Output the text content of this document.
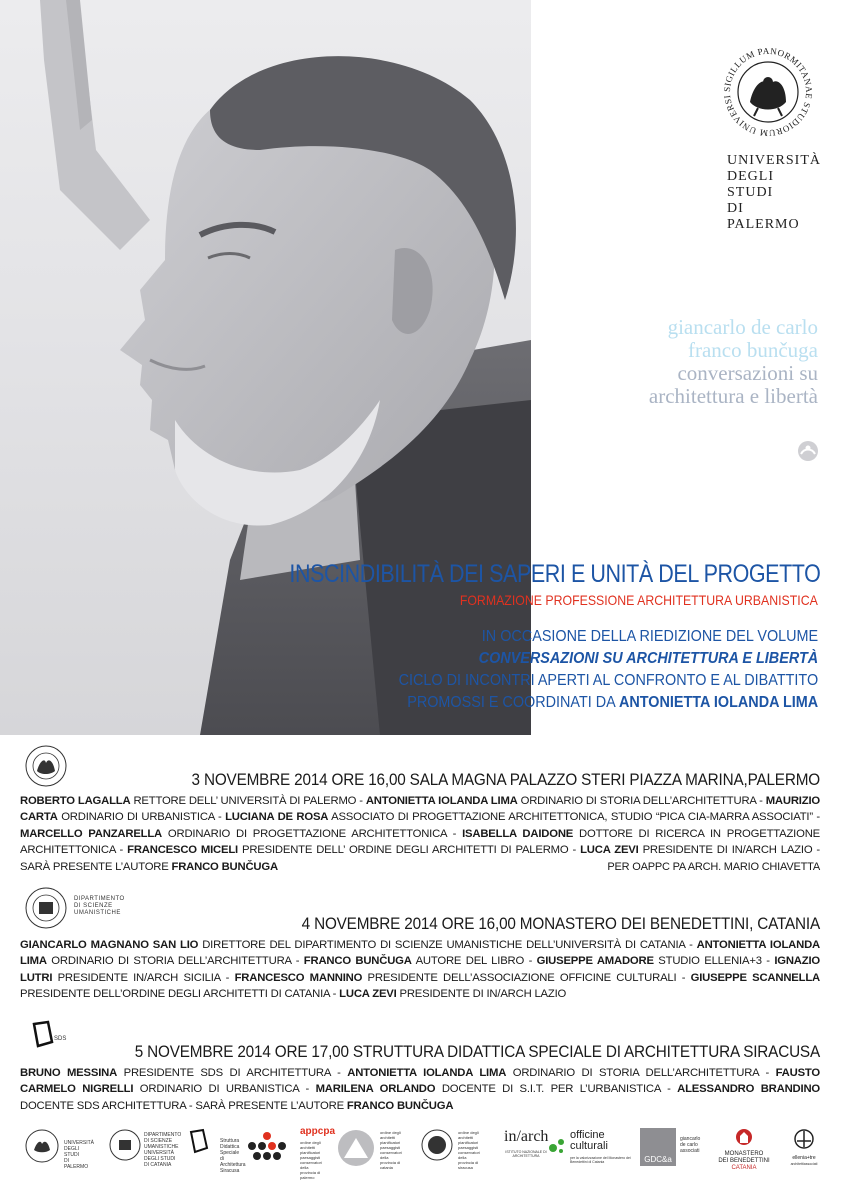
SIGILLUM PANORMITANAE STUDIORUM UNIVERSI
UNIVERSITÀ
DEGLI STUDI
DI PALERMO
giancarlo de carlo
franco bunčuga
conversazioni su
architettura e libertà
INSCINDIBILITÀ DEI SAPERI E UNITÀ DEL PROGETTO
FORMAZIONE PROFESSIONE ARCHITETTURA URBANISTICA
IN OCCASIONE DELLA RIEDIZIONE DEL VOLUME
CONVERSAZIONI SU ARCHITETTURA E LIBERTÀ
CICLO DI INCONTRI APERTI AL CONFRONTO E AL DIBATTITO
PROMOSSI E COORDINATI DA ANTONIETTA IOLANDA LIMA
3 NOVEMBRE 2014 ORE 16,00 SALA MAGNA PALAZZO STERI PIAZZA MARINA,PALERMO
ROBERTO LAGALLA RETTORE DELL’ UNIVERSITÀ DI PALERMO - ANTONIETTA IOLANDA LIMA ORDINARIO DI STORIA DELL’ARCHITETTURA - MAURIZIO CARTA ORDINARIO DI URBANISTICA - LUCIANA DE ROSA ASSOCIATO DI PROGETTAZIONE ARCHITETTONICA, STUDIO “PICA CIA-MARRA ASSOCIATI” - MARCELLO PANZARELLA ORDINARIO DI PROGETTAZIONE ARCHITETTONICA - ISABELLA DAIDONE DOTTORE DI RICERCA IN PROGETTAZIONE ARCHITETTONICA - FRANCESCO MICELI PRESIDENTE DELL’ ORDINE DEGLI ARCHITETTI DI PALERMO - LUCA ZEVI PRESIDENTE DI IN/ARCH LAZIO - SARÀ PRESENTE L’AUTORE FRANCO BUNČUGA	PER OAPPC PA ARCH. MARIO CHIAVETTA
DIPARTIMENTO
DI SCIENZE
UMANISTICHE
4 NOVEMBRE 2014 ORE 16,00 MONASTERO DEI BENEDETTINI, CATANIA
GIANCARLO MAGNANO SAN LIO DIRETTORE DEL DIPARTIMENTO DI SCIENZE UMANISTICHE DELL’UNIVERSITÀ DI CATANIA - ANTONIETTA IOLANDA LIMA ORDINARIO DI STORIA DELL’ARCHITETTURA - FRANCO BUNČUGA AUTORE DEL LIBRO - GIUSEPPE AMADORE STUDIO ELLENIA+3 - IGNAZIO LUTRI PRESIDENTE IN/ARCH SICILIA - FRANCESCO MANNINO PRESIDENTE DELL’ASSOCIAZIONE OFFICINE CULTURALI - GIUSEPPE SCANNELLA PRESIDENTE DELL’ORDINE DEGLI ARCHITETTI DI CATANIA - LUCA ZEVI PRESIDENTE DI IN/ARCH LAZIO
SDS
5 NOVEMBRE 2014 ORE 17,00 STRUTTURA DIDATTICA SPECIALE DI ARCHITETTURA SIRACUSA
BRUNO MESSINA PRESIDENTE SDS DI ARCHITETTURA - ANTONIETTA IOLANDA LIMA ORDINARIO DI STORIA DELL’ARCHITETTURA - FAUSTO CARMELO NIGRELLI ORDINARIO DI URBANISTICA - MARILENA ORLANDO DOCENTE DI S.I.T. PER L’URBANISTICA - ALESSANDRO BRANDINO DOCENTE SDS ARCHITETTURA - SARÀ PRESENTE L’AUTORE FRANCO BUNČUGA
UNIVERSITÀ
DEGLI STUDI
DI PALERMO
DIPARTIMENTO
DI SCIENZE
UMANISTICHE
UNIVERSITÀ
DEGLI STUDI
DI CATANIA
Struttura
Didattica Speciale
di Architettura
Siracusa
appcpa
ordine degli
architetti
pianificatori
paesaggisti
conservatori
della provincia di
palermo
ordine degli
architetti
pianificatori
paesaggisti
conservatori
della provincia di
catania
ordine degli
architetti
pianificatori
paesaggisti
conservatori
della provincia di
siracusa
in/arch
ISTITUTO NAZIONALE DI ARCHITETTURA
officine
culturali
per la valorizzazione del Monastero dei Benedettini di Catania	GDC&a
giancarlo
de carlo
associati	MONASTERO
DEI BENEDETTINI
CATANIA
ellenia+tre
architettiassociati
